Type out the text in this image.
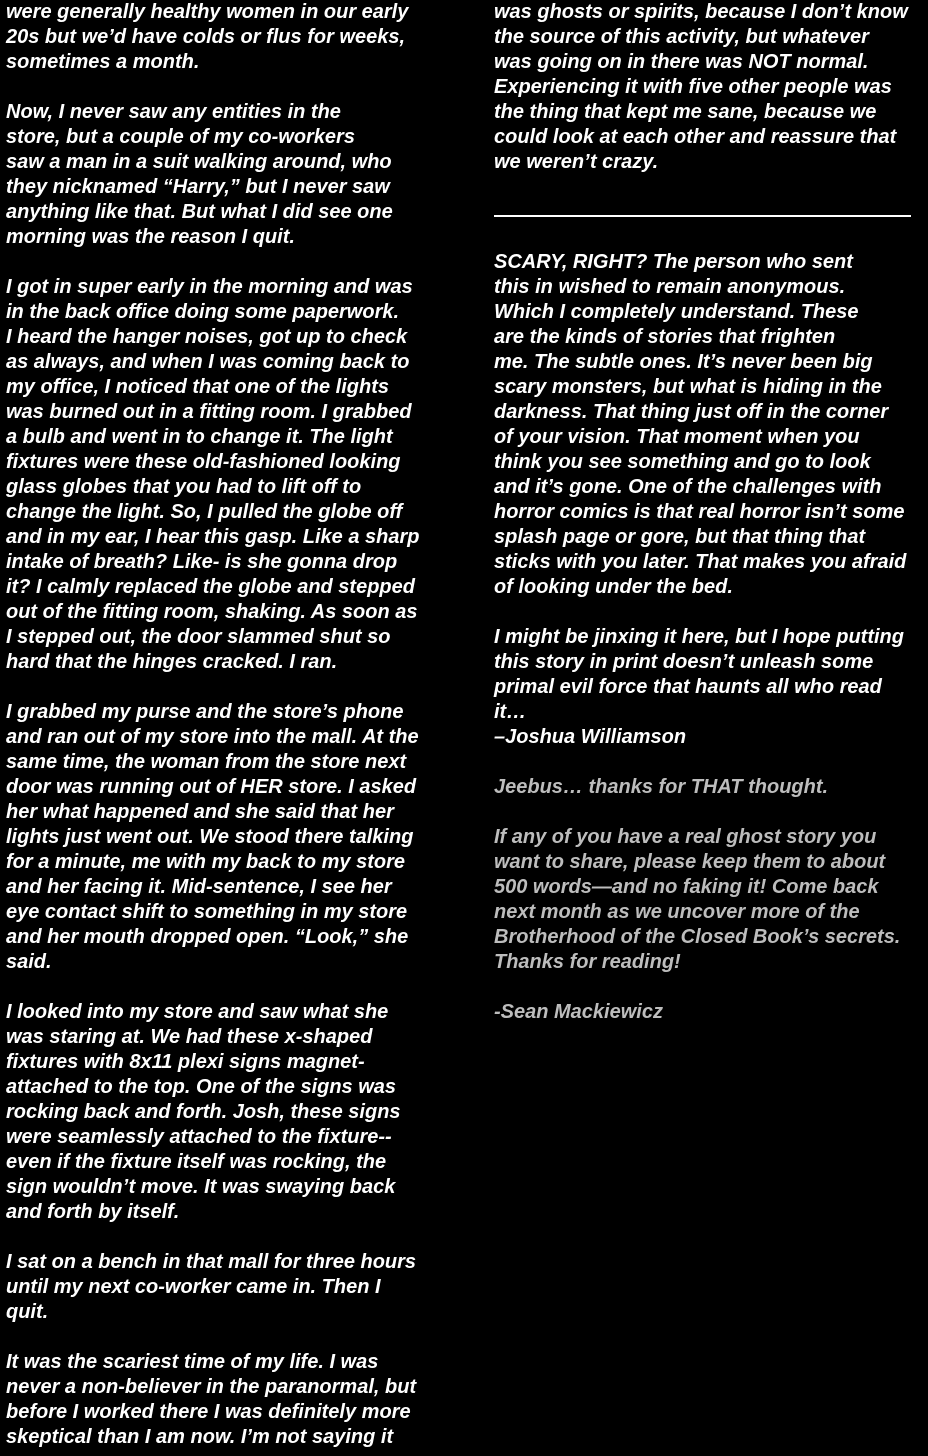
were generally healthy women in our early
20s but we’d have colds or flus for weeks,
sometimes a month.
Now, I never saw any entities in the
store, but a couple of my co-workers
saw a man in a suit walking around, who
they nicknamed “Harry,” but I never saw
anything like that. But what I did see one
morning was the reason I quit.
I got in super early in the morning and was
in the back office doing some paperwork.
I heard the hanger noises, got up to check
as always, and when I was coming back to
my office, I noticed that one of the lights
was burned out in a fitting room. I grabbed
a bulb and went in to change it. The light
fixtures were these old-fashioned looking
glass globes that you had to lift off to
change the light. So, I pulled the globe off
and in my ear, I hear this gasp. Like a sharp
intake of breath? Like- is she gonna drop
it? I calmly replaced the globe and stepped
out of the fitting room, shaking. As soon as
I stepped out, the door slammed shut so
hard that the hinges cracked. I ran.
I grabbed my purse and the store’s phone
and ran out of my store into the mall. At the
same time, the woman from the store next
door was running out of HER store. I asked
her what happened and she said that her
lights just went out. We stood there talking
for a minute, me with my back to my store
and her facing it. Mid-sentence, I see her
eye contact shift to something in my store
and her mouth dropped open. “Look,” she
said.
I looked into my store and saw what she
was staring at. We had these x-shaped
fixtures with 8x11 plexi signs magnet-
attached to the top. One of the signs was
rocking back and forth. Josh, these signs
were seamlessly attached to the fixture--
even if the fixture itself was rocking, the
sign wouldn’t move. It was swaying back
and forth by itself.
I sat on a bench in that mall for three hours
until my next co-worker came in. Then I
quit.
It was the scariest time of my life. I was
never a non-believer in the paranormal, but
before I worked there I was definitely more
skeptical than I am now. I’m not saying it
was ghosts or spirits, because I don’t know
the source of this activity, but whatever
was going on in there was NOT normal.
Experiencing it with five other people was
the thing that kept me sane, because we
could look at each other and reassure that
we weren’t crazy.
SCARY, RIGHT? The person who sent
this in wished to remain anonymous.
Which I completely understand. These
are the kinds of stories that frighten
me. The subtle ones. It’s never been big
scary monsters, but what is hiding in the
darkness. That thing just off in the corner
of your vision. That moment when you
think you see something and go to look
and it’s gone. One of the challenges with
horror comics is that real horror isn’t some
splash page or gore, but that thing that
sticks with you later. That makes you afraid
of looking under the bed.
I might be jinxing it here, but I hope putting
this story in print doesn’t unleash some
primal evil force that haunts all who read
it…
–Joshua Williamson
Jeebus… thanks for THAT thought.
If any of you have a real ghost story you
want to share, please keep them to about
500 words—and no faking it! Come back
next month as we uncover more of the
Brotherhood of the Closed Book’s secrets.
Thanks for reading!
-Sean Mackiewicz
